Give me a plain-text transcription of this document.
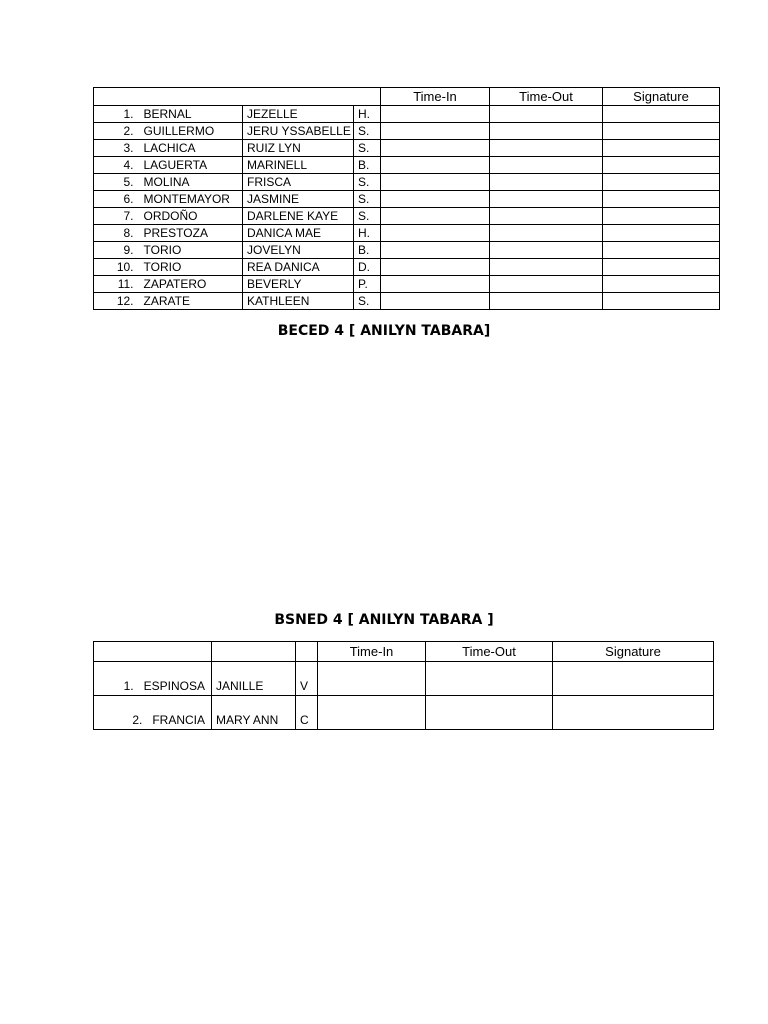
				Time-In	Time-Out	Signature
1.	BERNAL	JEZELLE	H.			
2.	GUILLERMO	JERU YSSABELLE	S.			
3.	LACHICA	RUIZ LYN	S.			
4.	LAGUERTA	MARINELL	B.			
5.	MOLINA	FRISCA	S.			
6.	MONTEMAYOR	JASMINE	S.			
7.	ORDOÑO	DARLENE KAYE	S.			
8.	PRESTOZA	DANICA MAE	H.			
9.	TORIO	JOVELYN	B.			
10.	TORIO	REA DANICA	D.			
11.	ZAPATERO	BEVERLY	P.			
12.	ZARATE	KATHLEEN	S.			
BECED 4 [ ANILYN TABARA]
BSNED 4 [ ANILYN TABARA ]
			Time-In	Time-Out	Signature
1. ESPINOSA	JANILLE	V			
2. FRANCIA	MARY ANN	C			
